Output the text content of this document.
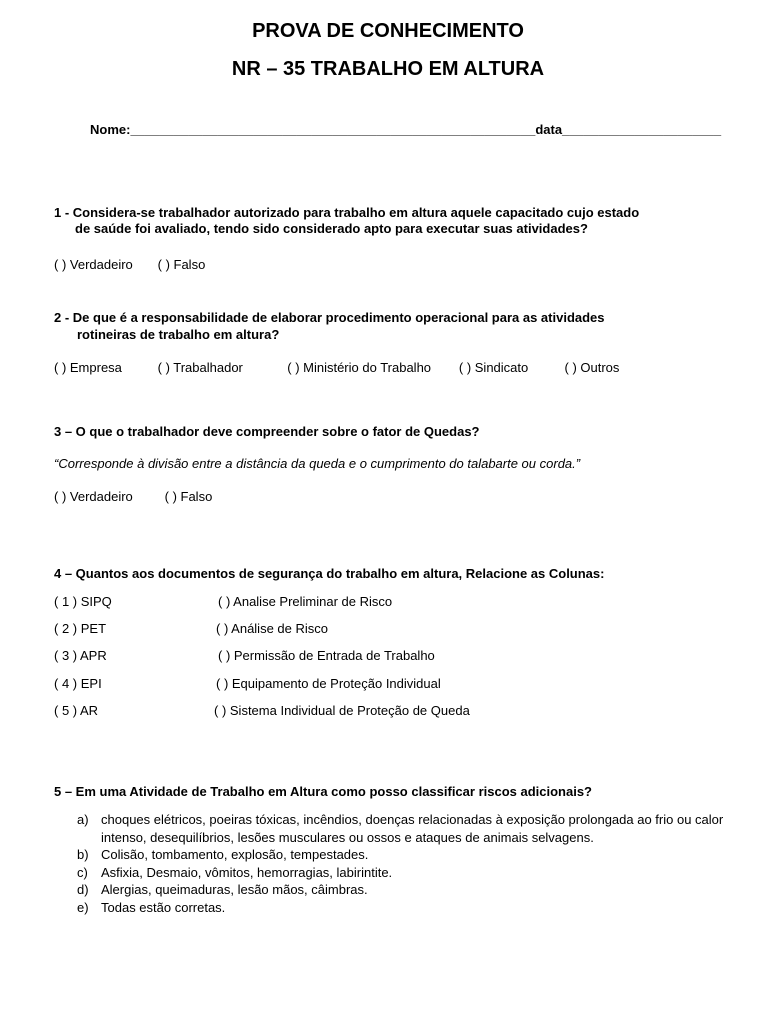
PROVA DE CONHECIMENTO
NR – 35 TRABALHO EM ALTURA
Nome:________________________________________________________data______________________
1 - Considera-se trabalhador autorizado para trabalho em altura aquele capacitado cujo estado
de saúde foi avaliado, tendo sido considerado apto para executar suas atividades?
( ) Verdadeiro ( ) Falso
2 - De que é a responsabilidade de elaborar procedimento operacional para as atividades
rotineiras de trabalho em altura?
( ) Empresa	( ) Trabalhador	( ) Ministério do Trabalho ( ) Sindicato	( ) Outros
3 – O que o trabalhador deve compreender sobre o fator de Quedas?
“Corresponde à divisão entre a distância da queda e o cumprimento do talabarte ou corda.”
( ) Verdadeiro ( ) Falso
4 – Quantos aos documentos de segurança do trabalho em altura, Relacione as Colunas:
( 1 ) SIPQ	( ) Analise Preliminar de Risco
( 2 ) PET	( ) Análise de Risco
( 3 ) APR	( ) Permissão de Entrada de Trabalho
( 4 ) EPI	( ) Equipamento de Proteção Individual
( 5 ) AR	( ) Sistema Individual de Proteção de Queda
5 – Em uma Atividade de Trabalho em Altura como posso classificar riscos adicionais?
a) choques elétricos, poeiras tóxicas, incêndios, doenças relacionadas à exposição prolongada ao frio ou calor intenso, desequilíbrios, lesões musculares ou ossos e ataques de animais selvagens.
b) Colisão, tombamento, explosão, tempestades.
c)	Asfixia, Desmaio, vômitos, hemorragias, labirintite.
d) Alergias, queimaduras, lesão mãos, câimbras.
e) Todas estão corretas.
